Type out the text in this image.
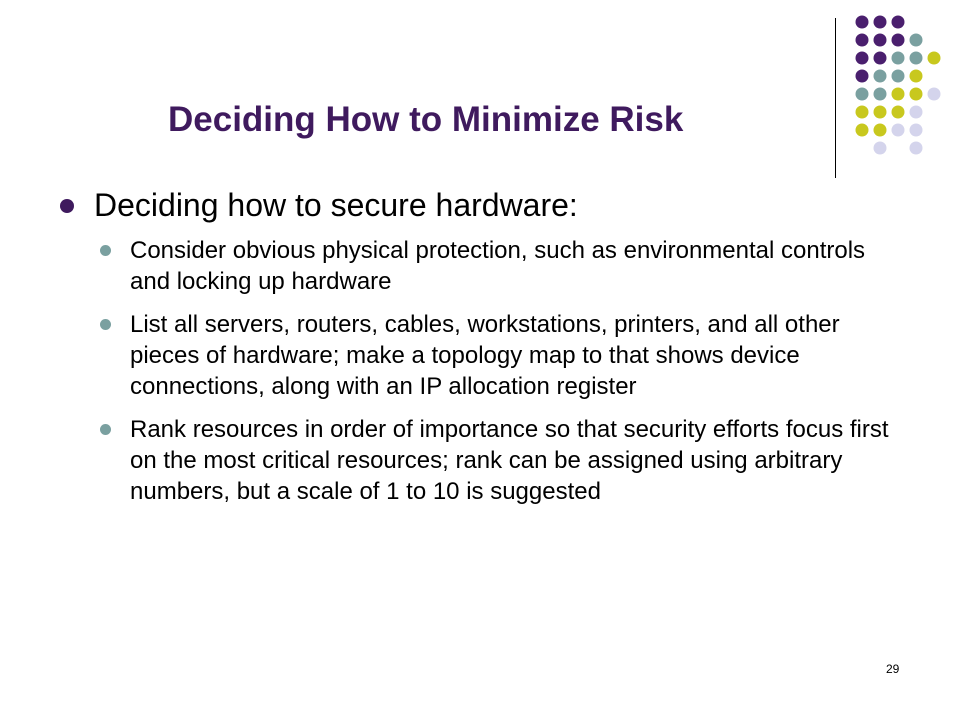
Deciding How to Minimize Risk
Deciding how to secure hardware:
Consider obvious physical protection, such as environmental controls and locking up hardware
List all servers, routers, cables, workstations, printers, and all other pieces of hardware; make a topology map to that shows device connections, along with an IP allocation register
Rank resources in order of importance so that security efforts focus first on the most critical resources; rank can be assigned using arbitrary numbers, but a scale of 1 to 10 is suggested
29
